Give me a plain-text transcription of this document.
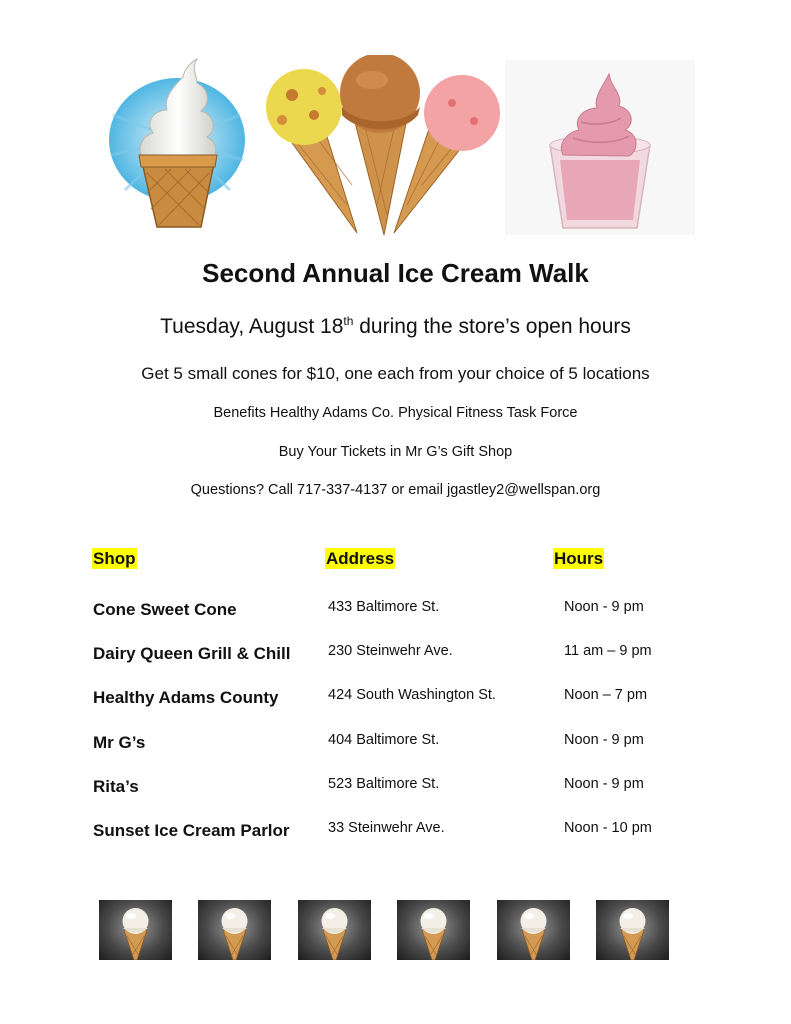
Second Annual Ice Cream Walk
Tuesday, August 18th during the store’s open hours
Get 5 small cones for $10, one each from your choice of 5 locations
Benefits Healthy Adams Co. Physical Fitness Task Force
Buy Your Tickets in Mr G’s Gift Shop
Questions? Call 717-337-4137 or email jgastley2@wellspan.org
Shop	Address	Hours
Cone Sweet Cone	433 Baltimore St.	Noon - 9 pm
Dairy Queen Grill & Chill	230 Steinwehr Ave.	11 am – 9 pm
Healthy Adams County	424 South Washington St.	Noon – 7 pm
Mr G’s	404 Baltimore St.	Noon - 9 pm
Rita’s	523 Baltimore St.	Noon - 9 pm
Sunset Ice Cream Parlor	33 Steinwehr Ave.	Noon - 10 pm
